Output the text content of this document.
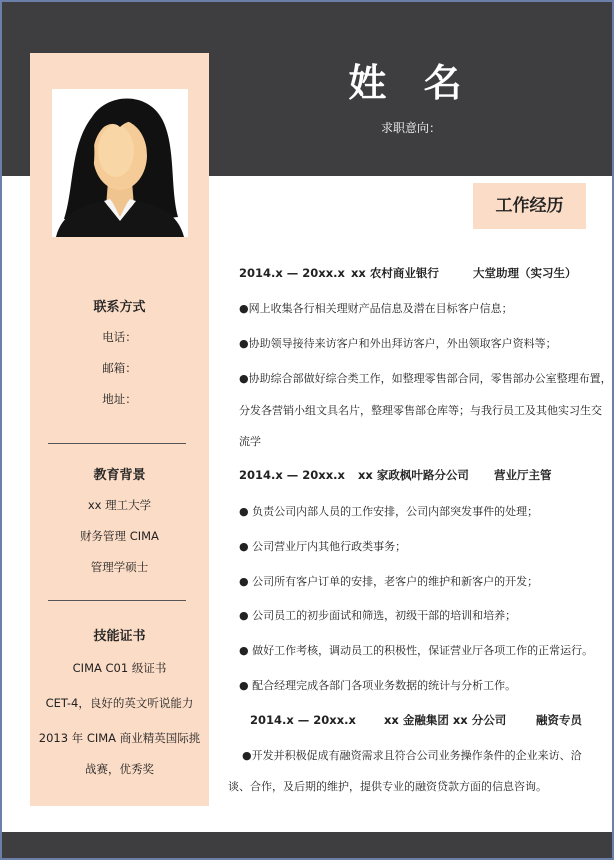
姓 名
求职意向：
联系方式
电话：
邮箱：
地址：
教育背景
xx 理工大学
财务管理 CIMA
管理学硕士
技能证书
CIMA C01 级证书
CET-4，良好的英文听说能力
2013 年 CIMA 商业精英国际挑
战赛，优秀奖
工作经历
2014.x — 20xx.x xx 农村商业银行	大堂助理（实习生）
●网上收集各行相关理财产品信息及潜在目标客户信息；
●协助领导接待来访客户和外出拜访客户，外出领取客户资料等；
●协助综合部做好综合类工作，如整理零售部合同，零售部办公室整理布置，
分发各营销小组文具名片，整理零售部仓库等；与我行员工及其他实习生交
流学
2014.x — 20xx.x xx 家政枫叶路分公司 营业厅主管
● 负责公司内部人员的工作安排，公司内部突发事件的处理；
● 公司营业厅内其他行政类事务；
● 公司所有客户订单的安排，老客户的维护和新客户的开发；
● 公司员工的初步面试和筛选，初级干部的培训和培养；
● 做好工作考核，调动员工的积极性，保证营业厅各项工作的正常运行。
● 配合经理完成各部门各项业务数据的统计与分析工作。
2014.x — 20xx.x xx 金融集团 xx 分公司	融资专员
●开发并积极促成有融资需求且符合公司业务操作条件的企业来访、洽
谈、合作，及后期的维护，提供专业的融资贷款方面的信息咨询。
